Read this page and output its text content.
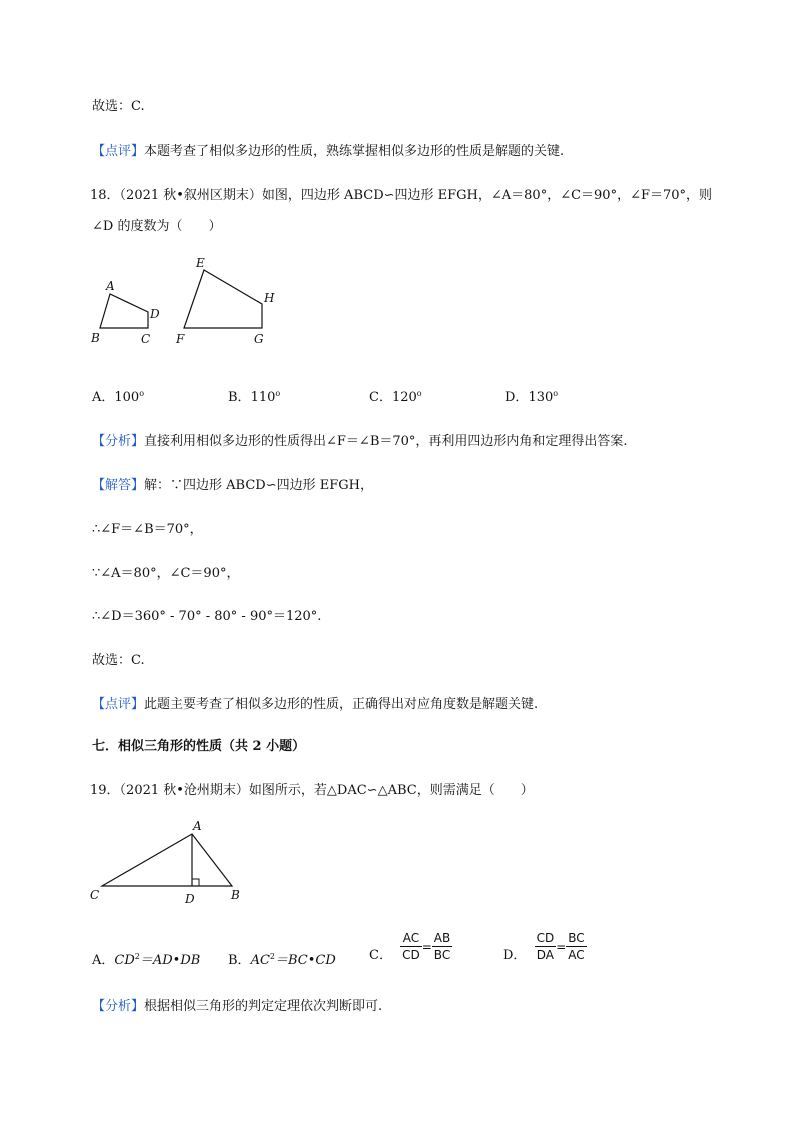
故选：C.
【点评】本题考查了相似多边形的性质，熟练掌握相似多边形的性质是解题的关键.
18．（2021 秋•叙州区期末）如图，四边形 ABCD∽四边形 EFGH，∠A＝80°，∠C＝90°，∠F＝70°，则
∠D 的度数为（　　）
A
B	C
D
E
F	G
H
A．100$^o$	B．110$^o$	C．120$^o$	D．130$^o$
【分析】直接利用相似多边形的性质得出∠F＝∠B＝70°，再利用四边形内角和定理得出答案.
【解答】解：∵四边形 ABCD∽四边形 EFGH，
∴∠F＝∠B＝70°，
∵∠A＝80°，∠C＝90°，
∴∠D＝360° - 70° - 80° - 90°＝120°.
故选：C.
【点评】此题主要考查了相似多边形的性质，正确得出对应角度数是解题关键.
七．相似三角形的性质（共 2 小题）
19．（2021 秋•沧州期末）如图所示，若△DAC∽△ABC，则需满足（　　）
A
C	D	B
A．$CD^2=AD•DB$ B．$AC^2=BC•CD$	C． $\frac{AC}{CD} = \frac{AB}{BC}$	D． $\frac{CD}{DA} = \frac{BC}{AC}$
【分析】根据相似三角形的判定定理依次判断即可.
